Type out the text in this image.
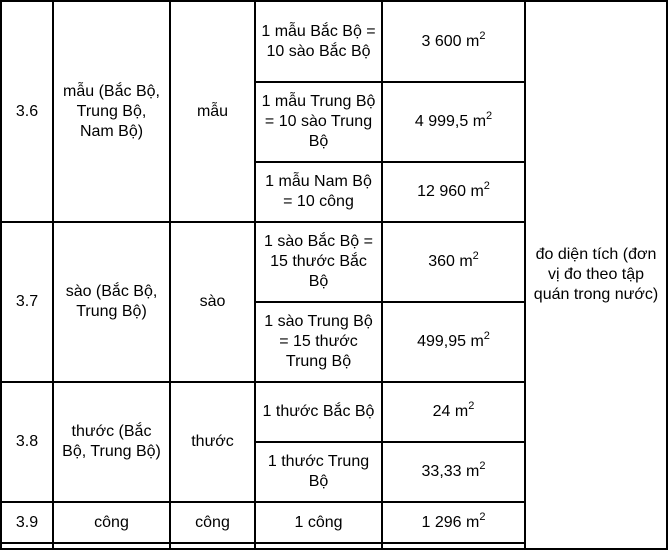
3.6	mẫu (Bắc Bộ, Trung Bộ, Nam Bộ)	mẫu	1 mẫu Bắc Bộ = 10 sào Bắc Bộ	3 600 $m^2$	đo diện tích (đơn vị đo theo tập quán trong nước)
			1 mẫu Trung Bộ = 10 sào Trung Bộ	4 999,5 $m^2$
			1 mẫu Nam Bộ = 10 công	12 960 $m^2$
3.7	sào (Bắc Bộ, Trung Bộ)	sào	1 sào Bắc Bộ = 15 thước Bắc Bộ	360 $m^2$
			1 sào Trung Bộ = 15 thước Trung Bộ	499,95 $m^2$
3.8	thước (Bắc Bộ, Trung Bộ)	thước	1 thước Bắc Bộ	24 $m^2$
			1 thước Trung Bộ	33,33 $m^2$
3.9	công	công	1 công	1 296 $m^2$
